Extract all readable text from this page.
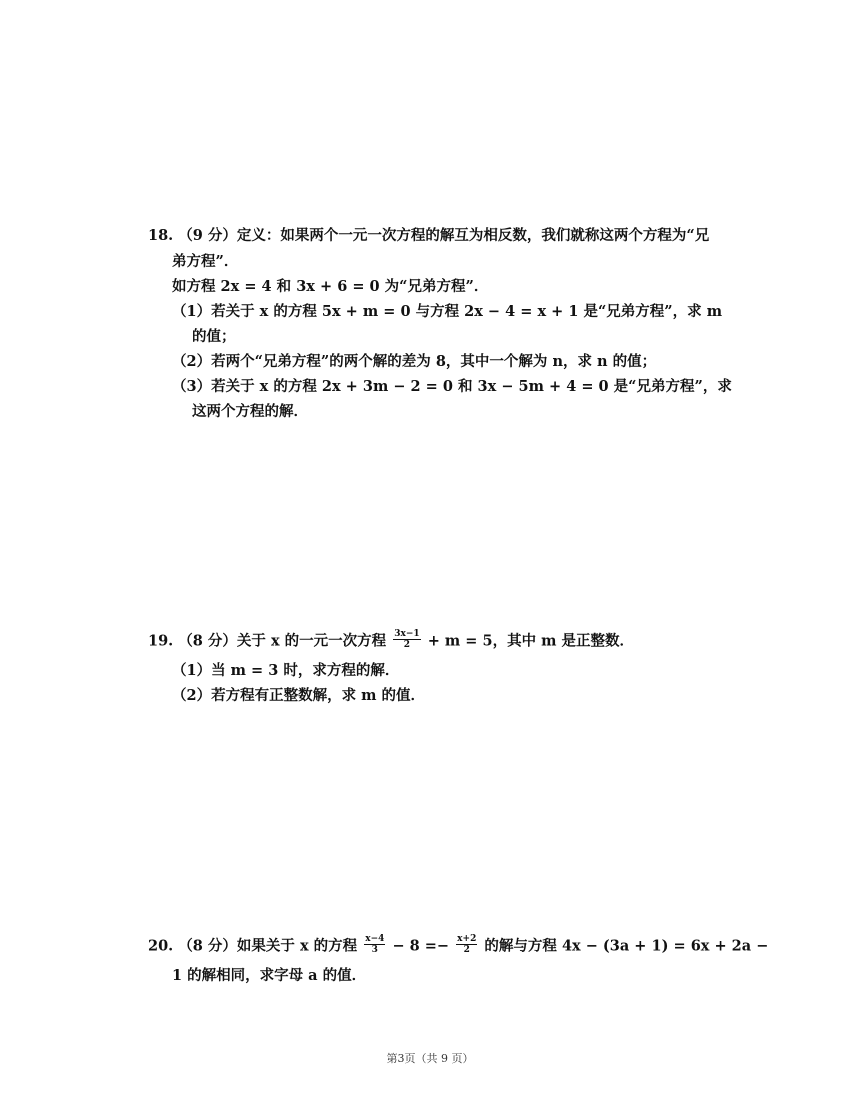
18. （9 分）定义：如果两个一元一次方程的解互为相反数，我们就称这两个方程为“兄
弟方程”．
如方程 2x = 4 和 3x + 6 = 0 为“兄弟方程”．
（1）若关于 x 的方程 5x + m = 0 与方程 2x − 4 = x + 1 是“兄弟方程”，求 m
的值；
（2）若两个“兄弟方程”的两个解的差为 8，其中一个解为 n，求 n 的值；
（3）若关于 x 的方程 2x + 3m − 2 = 0 和 3x − 5m + 4 = 0 是“兄弟方程”，求
这两个方程的解．
19. （8 分）关于 x 的一元一次方程 $\frac{3x-1}{2} + m = 5$，其中 m 是正整数．
（1）当 m = 3 时，求方程的解．
（2）若方程有正整数解，求 m 的值．
20. （8 分）如果关于 x 的方程 $\frac{x-4}{3} - 8 =- \frac{x+2}{2}$ 的解与方程 4x − (3a + 1) = 6x + 2a −
1 的解相同，求字母 a 的值．
第3页（共 9 页）
